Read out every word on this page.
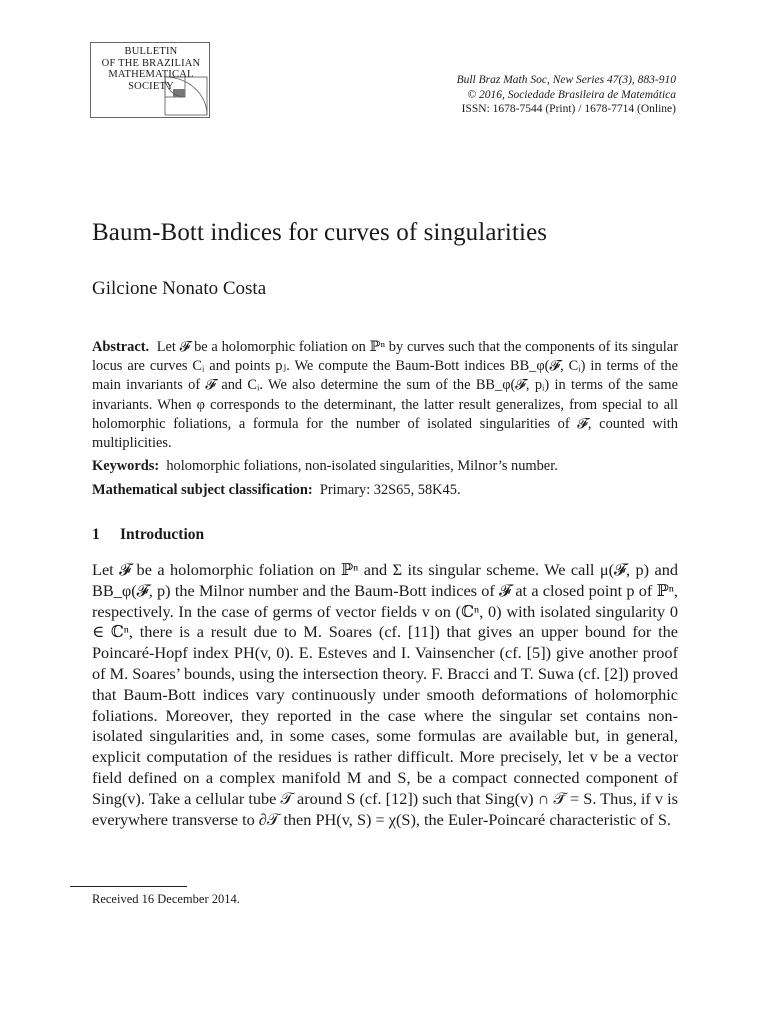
BULLETIN
OF THE BRAZILIAN
MATHEMATICAL
SOCIETY	Bull Braz Math Soc, New Series 47(3), 883-910
© 2016, Sociedade Brasileira de Matemática
ISSN: 1678-7544 (Print) / 1678-7714 (Online)
Baum-Bott indices for curves of singularities
Gilcione Nonato Costa

Abstract. Let 𝓕 be a holomorphic foliation on ℙⁿ by curves such that the components of its singular locus are curves Cᵢ and points pⱼ. We compute the Baum-Bott indices BB_φ(𝓕, Cᵢ) in terms of the main invariants of 𝓕 and Cᵢ. We also determine the sum of the BB_φ(𝓕, pᵢ) in terms of the same invariants. When φ corresponds to the determinant, the latter result generalizes, from special to all holomorphic foliations, a formula for the number of isolated singularities of 𝓕, counted with multiplicities.

Keywords: holomorphic foliations, non-isolated singularities, Milnor’s number.

Mathematical subject classification: Primary: 32S65, 58K45.

1 Introduction

Let 𝓕 be a holomorphic foliation on ℙⁿ and Σ its singular scheme. We call μ(𝓕, p) and BB_φ(𝓕, p) the Milnor number and the Baum-Bott indices of 𝓕 at a closed point p of ℙⁿ, respectively. In the case of germs of vector fields v on (ℂⁿ, 0) with isolated singularity 0 ∈ ℂⁿ, there is a result due to M. Soares (cf. [11]) that gives an upper bound for the Poincaré-Hopf index PH(v, 0). E. Esteves and I. Vainsencher (cf. [5]) give another proof of M. Soares’ bounds, using the intersection theory. F. Bracci and T. Suwa (cf. [2]) proved that Baum-Bott indices vary continuously under smooth deformations of holomorphic foliations. Moreover, they reported in the case where the singular set contains non-isolated singularities and, in some cases, some formulas are available but, in general, explicit computation of the residues is rather difficult. More precisely, let v be a vector field defined on a complex manifold M and S, be a compact connected component of Sing(v). Take a cellular tube 𝒯 around S (cf. [12]) such that Sing(v) ∩ 𝒯̄ = S. Thus, if v is everywhere transverse to ∂𝒯 then PH(v, S) = χ(S), the Euler-Poincaré characteristic of S.

Received 16 December 2014.
